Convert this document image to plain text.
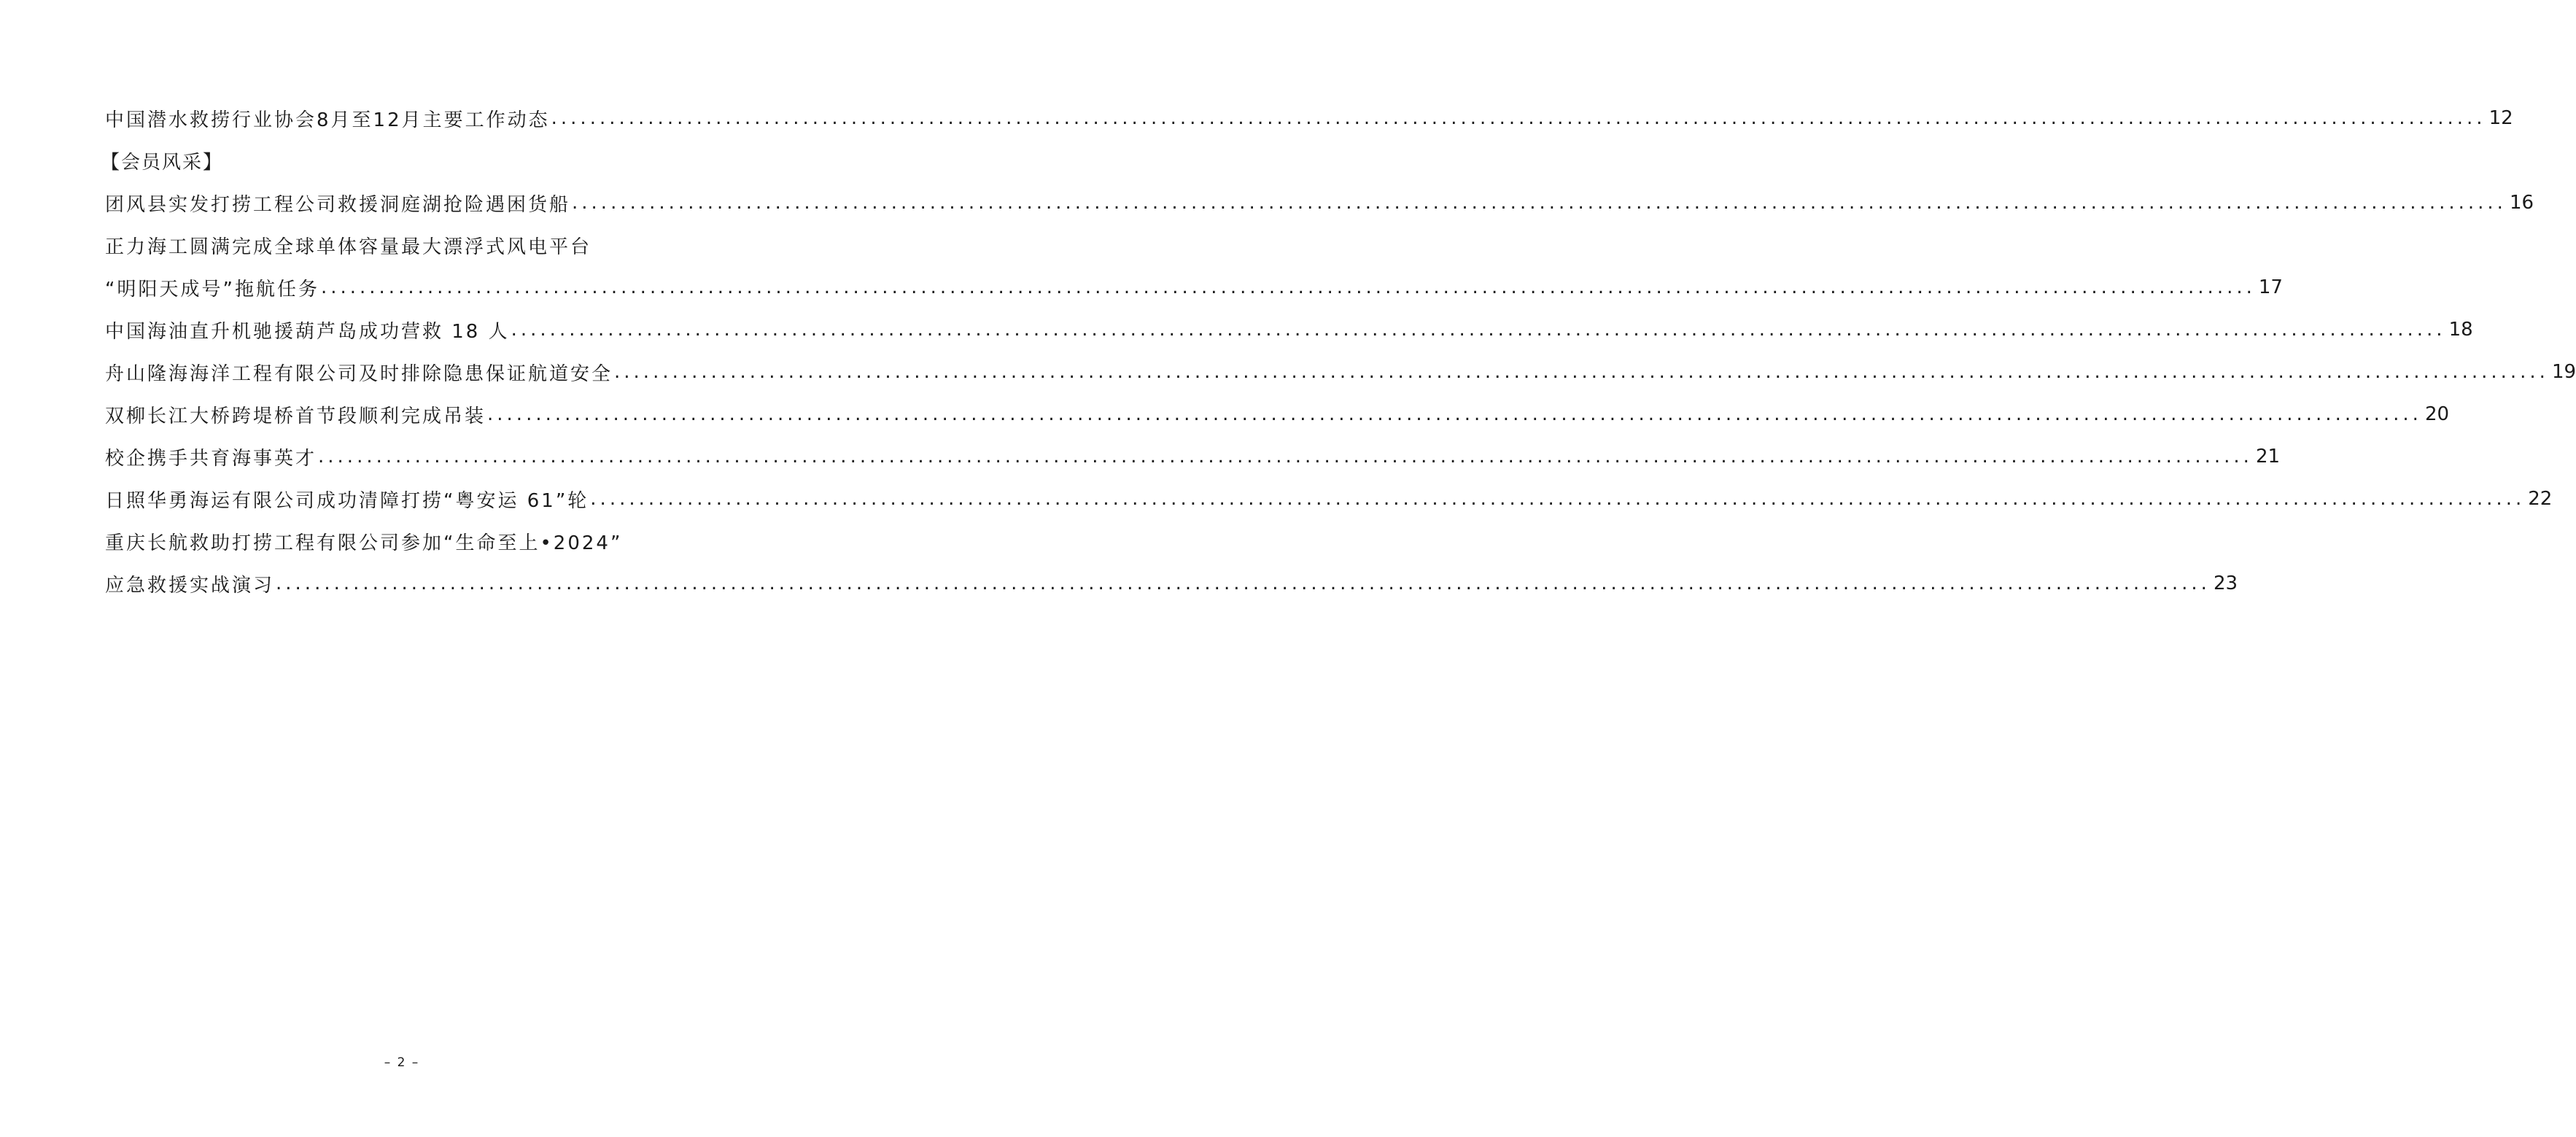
中国潜水救捞行业协会8月至12月主要工作动态 ........................................................................................................................................................................................................ 12
【会员风采】
团风县实发打捞工程公司救援洞庭湖抢险遇困货船 ........................................................................................................................................................................................................ 16
正力海工圆满完成全球单体容量最大漂浮式风电平台
“明阳天成号”拖航任务 ........................................................................................................................................................................................................ 17
中国海油直升机驰援葫芦岛成功营救 18 人 ........................................................................................................................................................................................................ 18
舟山隆海海洋工程有限公司及时排除隐患保证航道安全 ........................................................................................................................................................................................................ 19
双柳长江大桥跨堤桥首节段顺利完成吊装 ........................................................................................................................................................................................................ 20
校企携手共育海事英才 ........................................................................................................................................................................................................ 21
日照华勇海运有限公司成功清障打捞“粤安运 61”轮 ........................................................................................................................................................................................................ 22
重庆长航救助打捞工程有限公司参加“生命至上•2024”
应急救援实战演习 ........................................................................................................................................................................................................ 23
– 2 –
